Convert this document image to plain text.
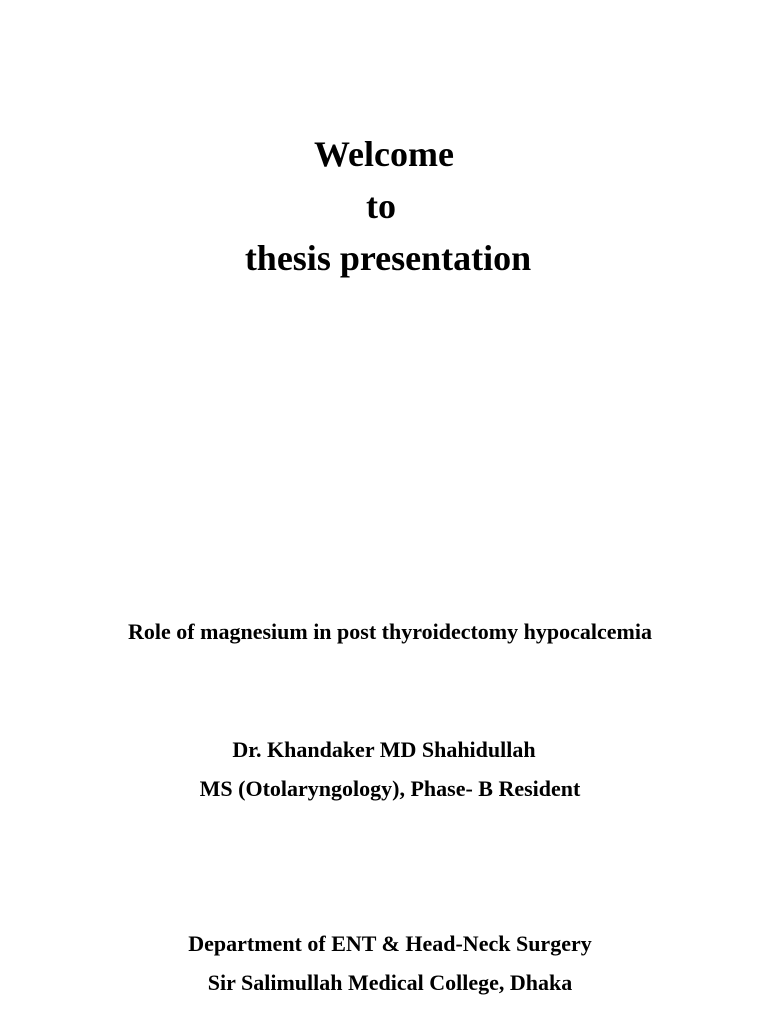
Welcome
to
thesis presentation
Role of magnesium in post thyroidectomy hypocalcemia
Dr. Khandaker MD Shahidullah
MS (Otolaryngology), Phase- B Resident
Department of ENT & Head-Neck Surgery
Sir Salimullah Medical College, Dhaka
